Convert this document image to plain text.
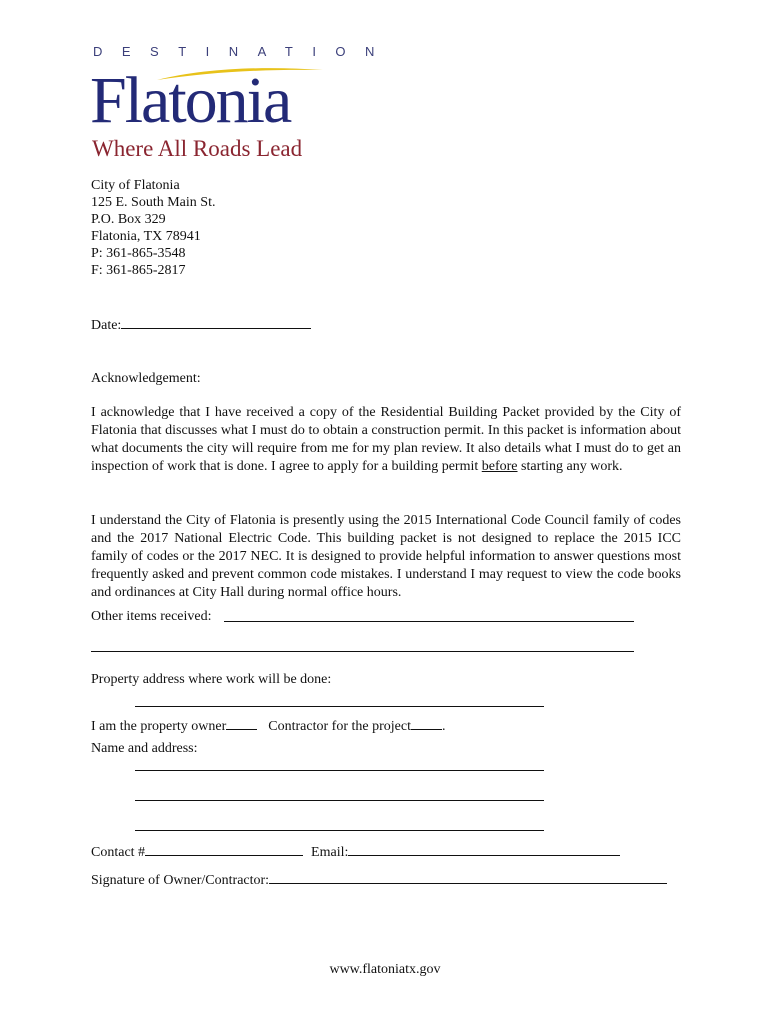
DESTINATION
Flatonia
Where All Roads Lead
City of Flatonia
125 E. South Main St.
P.O. Box 329
Flatonia, TX 78941
P: 361-865-3548
F: 361-865-2817
Date:
Acknowledgement:
I acknowledge that I have received a copy of the Residential Building Packet provided by the City of Flatonia that discusses what I must do to obtain a construction permit. In this packet is information about what documents the city will require from me for my plan review. It also details what I must do to get an inspection of work that is done. I agree to apply for a building permit before starting any work.
I understand the City of Flatonia is presently using the 2015 International Code Council family of codes and the 2017 National Electric Code. This building packet is not designed to replace the 2015 ICC family of codes or the 2017 NEC. It is designed to provide helpful information to answer questions most frequently asked and prevent common code mistakes. I understand I may request to view the code books and ordinances at City Hall during normal office hours.
Other items received:
Property address where work will be done:
I am the property owner	Contractor for the project .
Name and address:
Contact #	Email:
Signature of Owner/Contractor:
www.flatoniatx.gov
